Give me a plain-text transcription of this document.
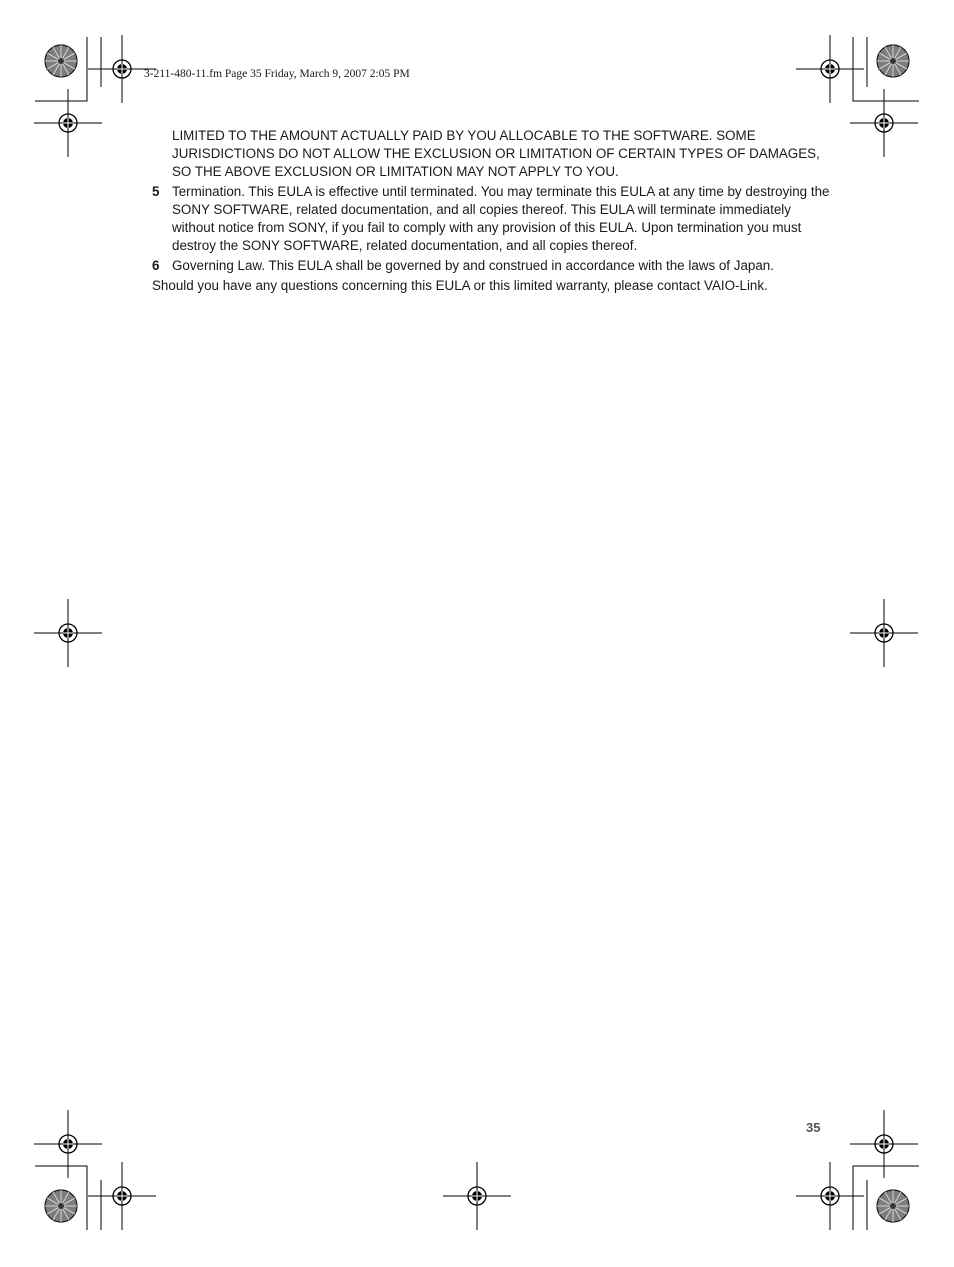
3-211-480-11.fm Page 35 Friday, March 9, 2007 2:05 PM

LIMITED TO THE AMOUNT ACTUALLY PAID BY YOU ALLOCABLE TO THE SOFTWARE. SOME JURISDICTIONS DO NOT ALLOW THE EXCLUSION OR LIMITATION OF CERTAIN TYPES OF DAMAGES, SO THE ABOVE EXCLUSION OR LIMITATION MAY NOT APPLY TO YOU.

5 Termination. This EULA is effective until terminated. You may terminate this EULA at any time by destroying the SONY SOFTWARE, related documentation, and all copies thereof. This EULA will terminate immediately without notice from SONY, if you fail to comply with any provision of this EULA. Upon termination you must destroy the SONY SOFTWARE, related documentation, and all copies thereof.
6 Governing Law. This EULA shall be governed by and construed in accordance with the laws of Japan.

Should you have any questions concerning this EULA or this limited warranty, please contact VAIO-Link.

35
